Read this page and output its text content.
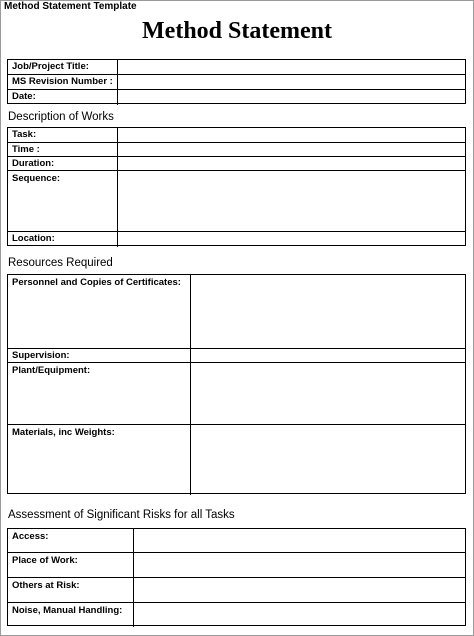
Method Statement Template
Method Statement
Job/Project Title:
MS Revision Number :
Date:
Description of Works
Task:
Time :
Duration:
Sequence:
Location:
Resources Required
Personnel and Copies of Certificates:
Supervision:
Plant/Equipment:
Materials, inc Weights:
Assessment of Significant Risks for all Tasks
Access:
Place of Work:
Others at Risk:
Noise, Manual Handling:
